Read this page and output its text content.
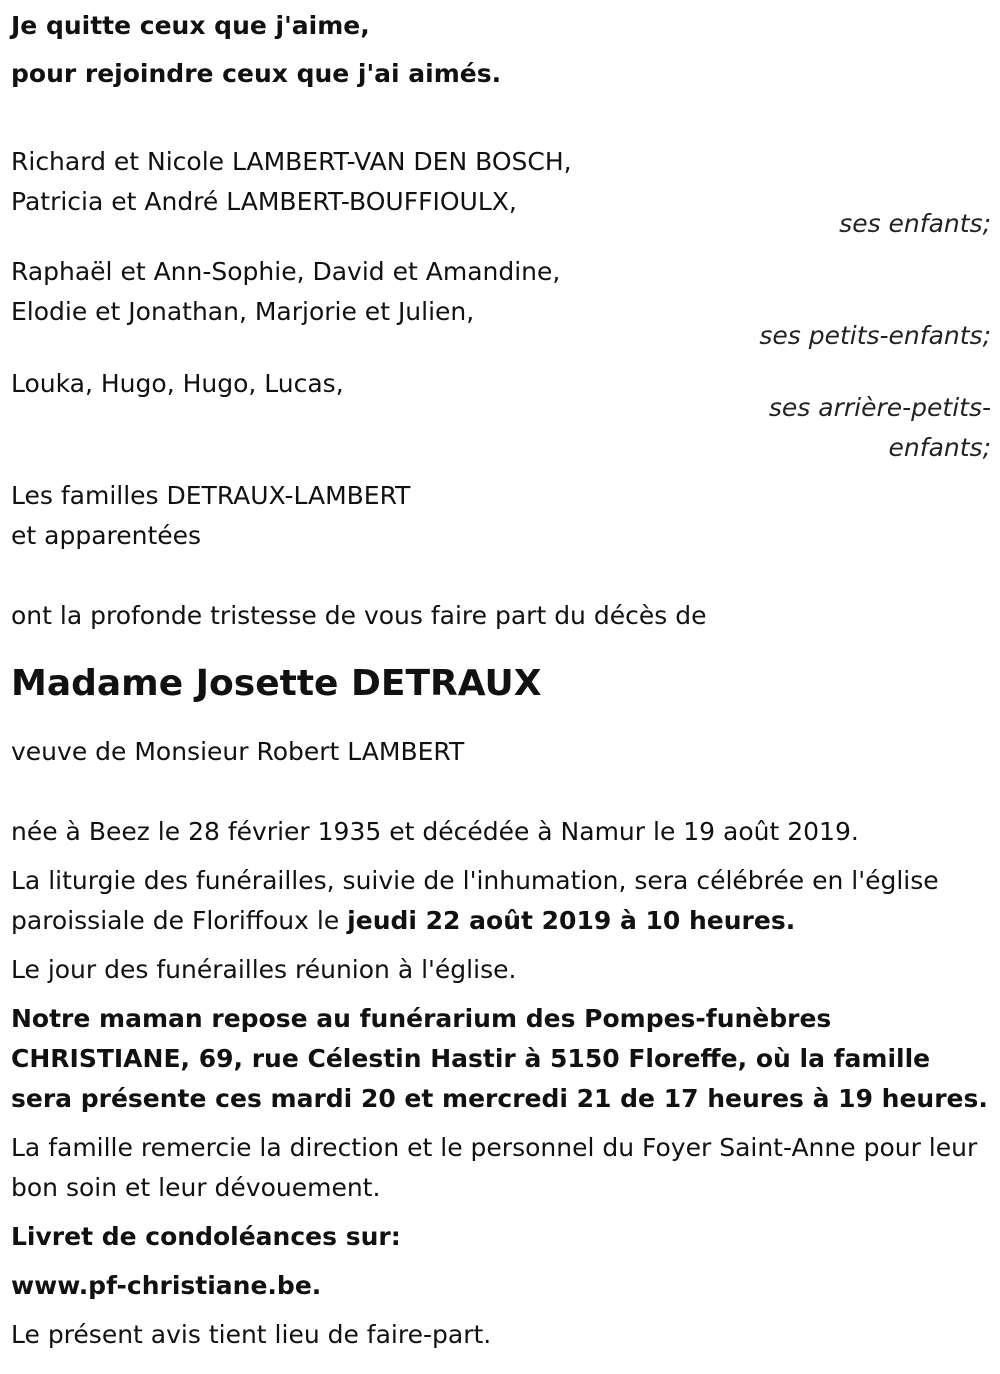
Je quitte ceux que j'aime,

pour rejoindre ceux que j'ai aimés.

Richard et Nicole LAMBERT-VAN DEN BOSCH,

Patricia et André LAMBERT-BOUFFIOULX,

ses enfants;

Raphaël et Ann-Sophie, David et Amandine,

Elodie et Jonathan, Marjorie et Julien,

ses petits-enfants;

Louka, Hugo, Hugo, Lucas,

ses arrière-petits-

enfants;

Les familles DETRAUX-LAMBERT

et apparentées

ont la profonde tristesse de vous faire part du décès de

Madame Josette DETRAUX

veuve de Monsieur Robert LAMBERT

née à Beez le 28 février 1935 et décédée à Namur le 19 août 2019.

La liturgie des funérailles, suivie de l'inhumation, sera célébrée en l'église paroissiale de Floriffoux le jeudi 22 août 2019 à 10 heures.

Le jour des funérailles réunion à l'église.

Notre maman repose au funérarium des Pompes-funèbres CHRISTIANE, 69, rue Célestin Hastir à 5150 Floreffe, où la famille sera présente ces mardi 20 et mercredi 21 de 17 heures à 19 heures.

La famille remercie la direction et le personnel du Foyer Saint-Anne pour leur bon soin et leur dévouement.

Livret de condoléances sur:

www.pf-christiane.be.

Le présent avis tient lieu de faire-part.
